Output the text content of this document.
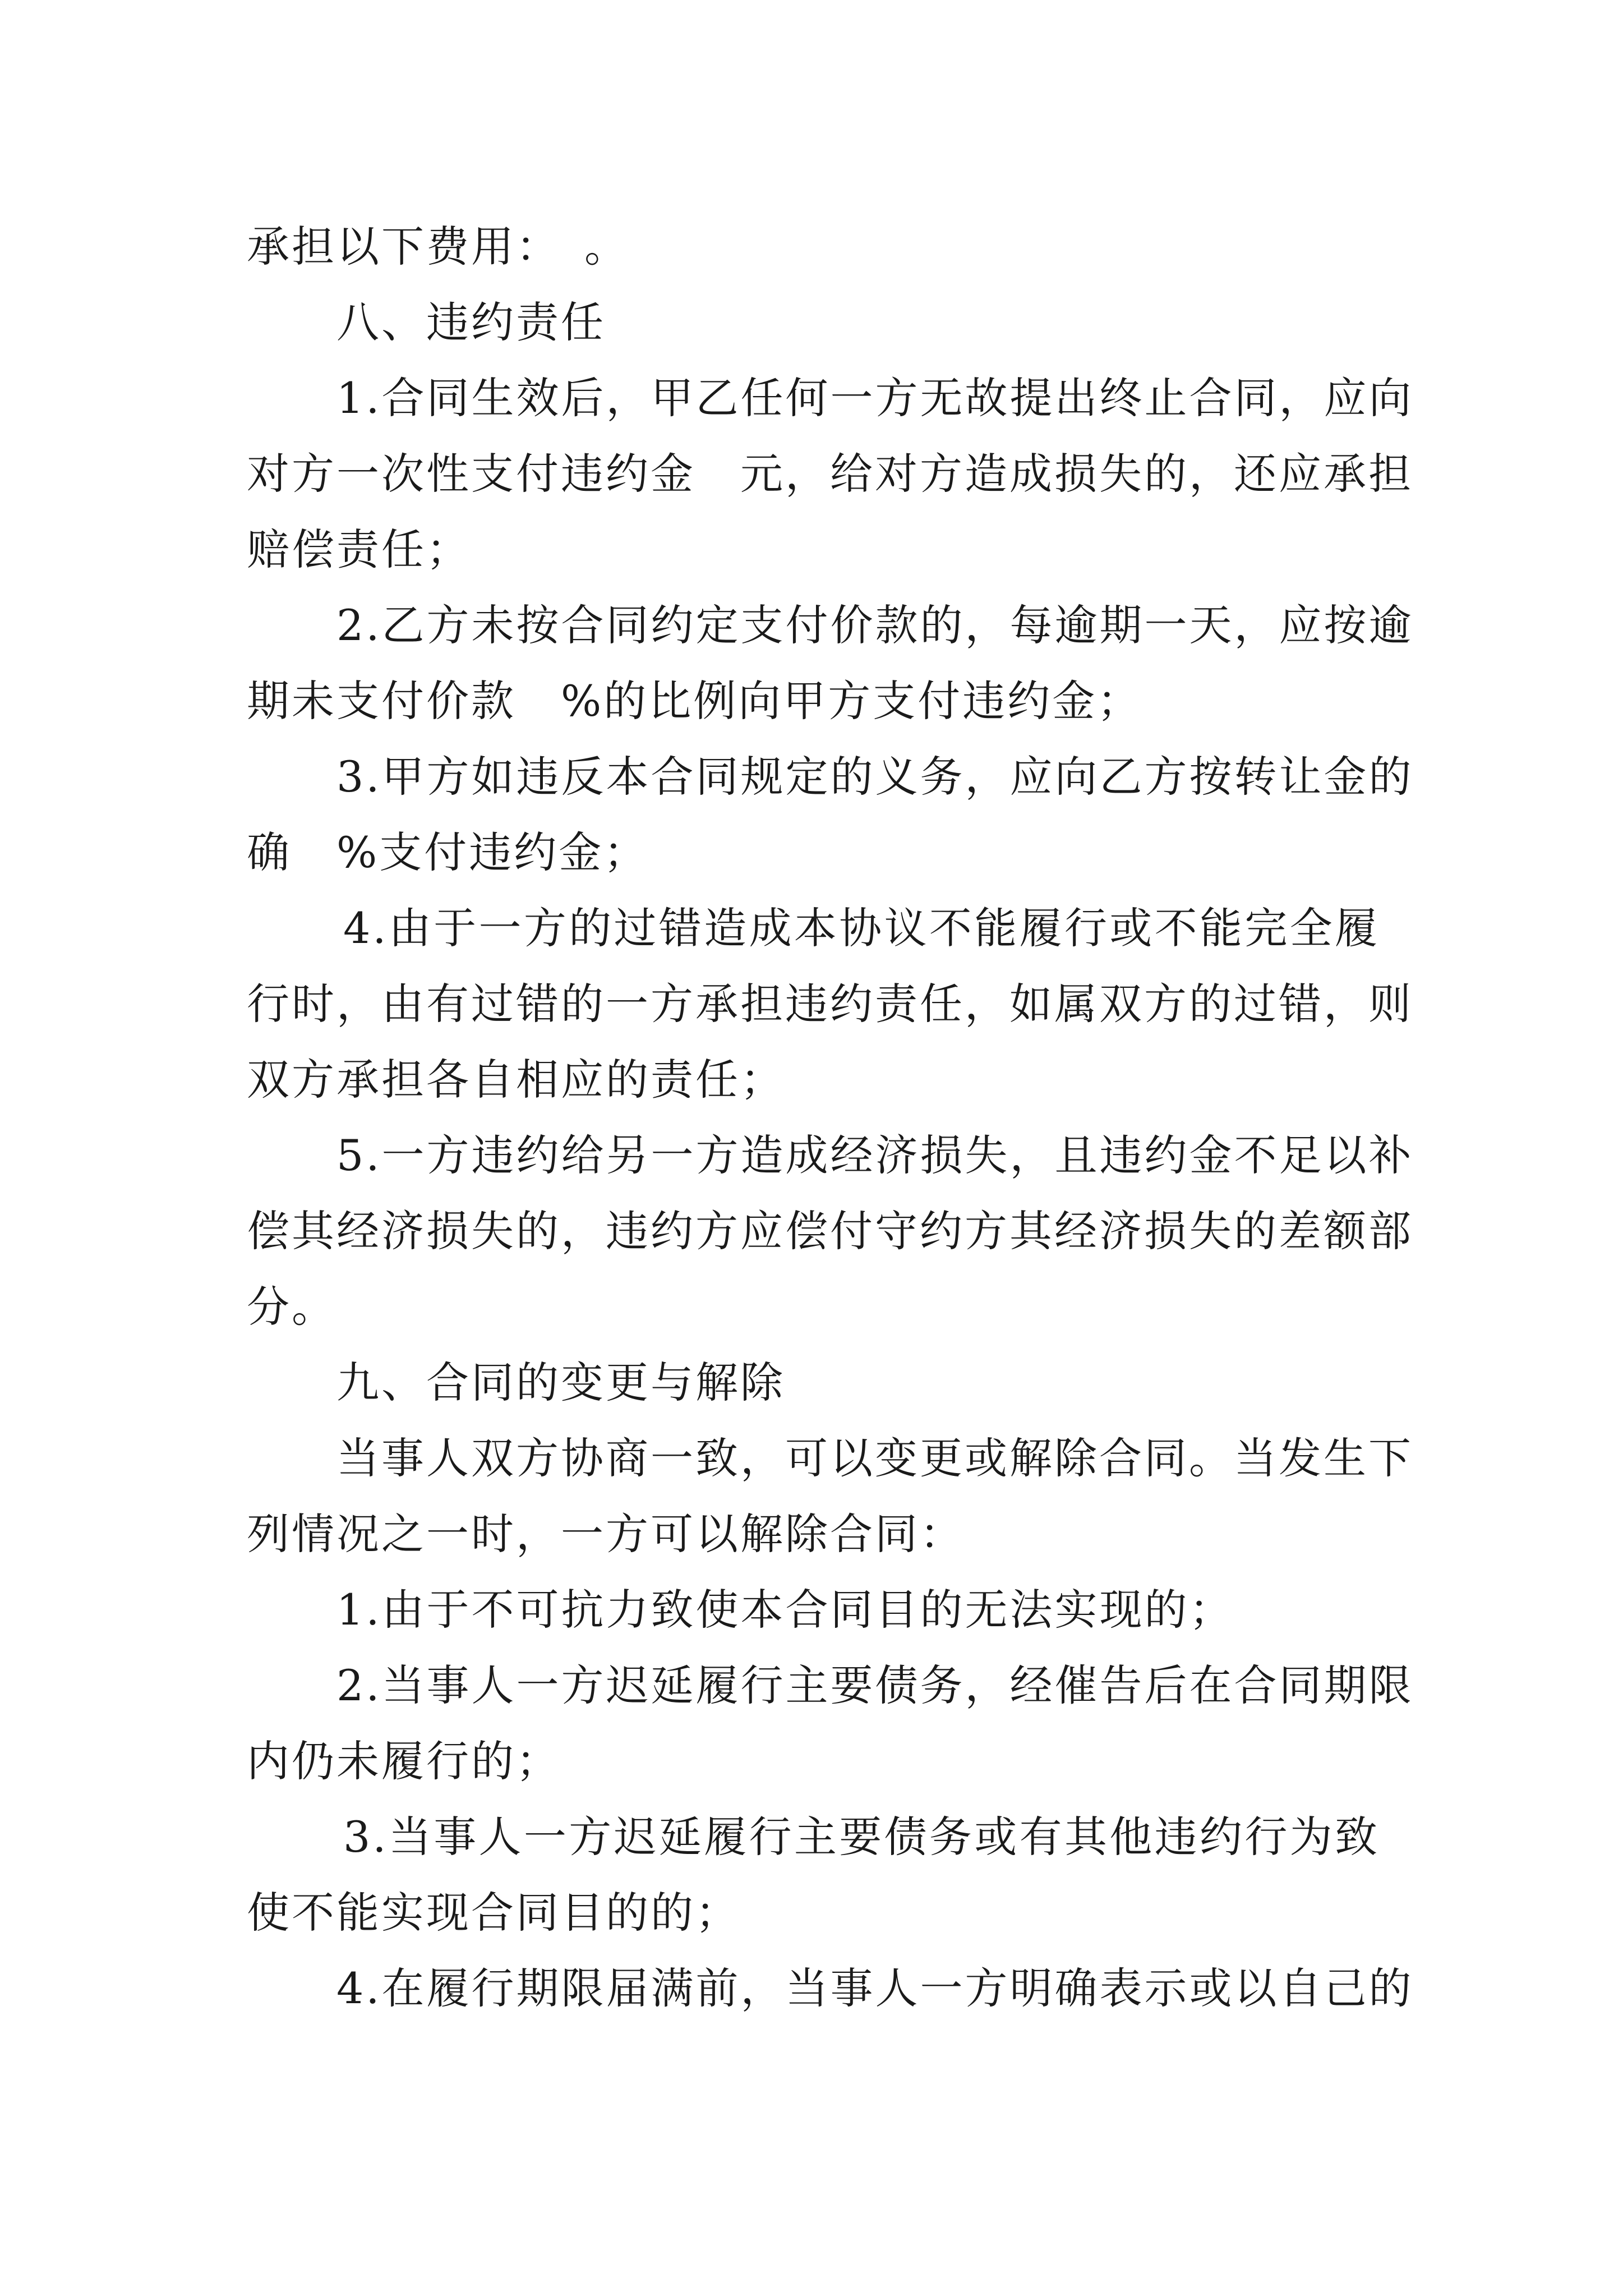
承担以下费用：　。
八、违约责任
1.合同生效后，甲乙任何一方无故提出终止合同，应向
对方一次性支付违约金　元，给对方造成损失的，还应承担
赔偿责任；
2.乙方未按合同约定支付价款的，每逾期一天，应按逾
期未支付价款　%的比例向甲方支付违约金；
3.甲方如违反本合同规定的义务，应向乙方按转让金的
确　%支付违约金；
4.由于一方的过错造成本协议不能履行或不能完全履
行时，由有过错的一方承担违约责任，如属双方的过错，则
双方承担各自相应的责任；
5.一方违约给另一方造成经济损失，且违约金不足以补
偿其经济损失的，违约方应偿付守约方其经济损失的差额部
分。
九、合同的变更与解除
当事人双方协商一致，可以变更或解除合同。当发生下
列情况之一时，一方可以解除合同：
1.由于不可抗力致使本合同目的无法实现的；
2.当事人一方迟延履行主要债务，经催告后在合同期限
内仍未履行的；
3.当事人一方迟延履行主要债务或有其他违约行为致
使不能实现合同目的的；
4.在履行期限届满前，当事人一方明确表示或以自己的
